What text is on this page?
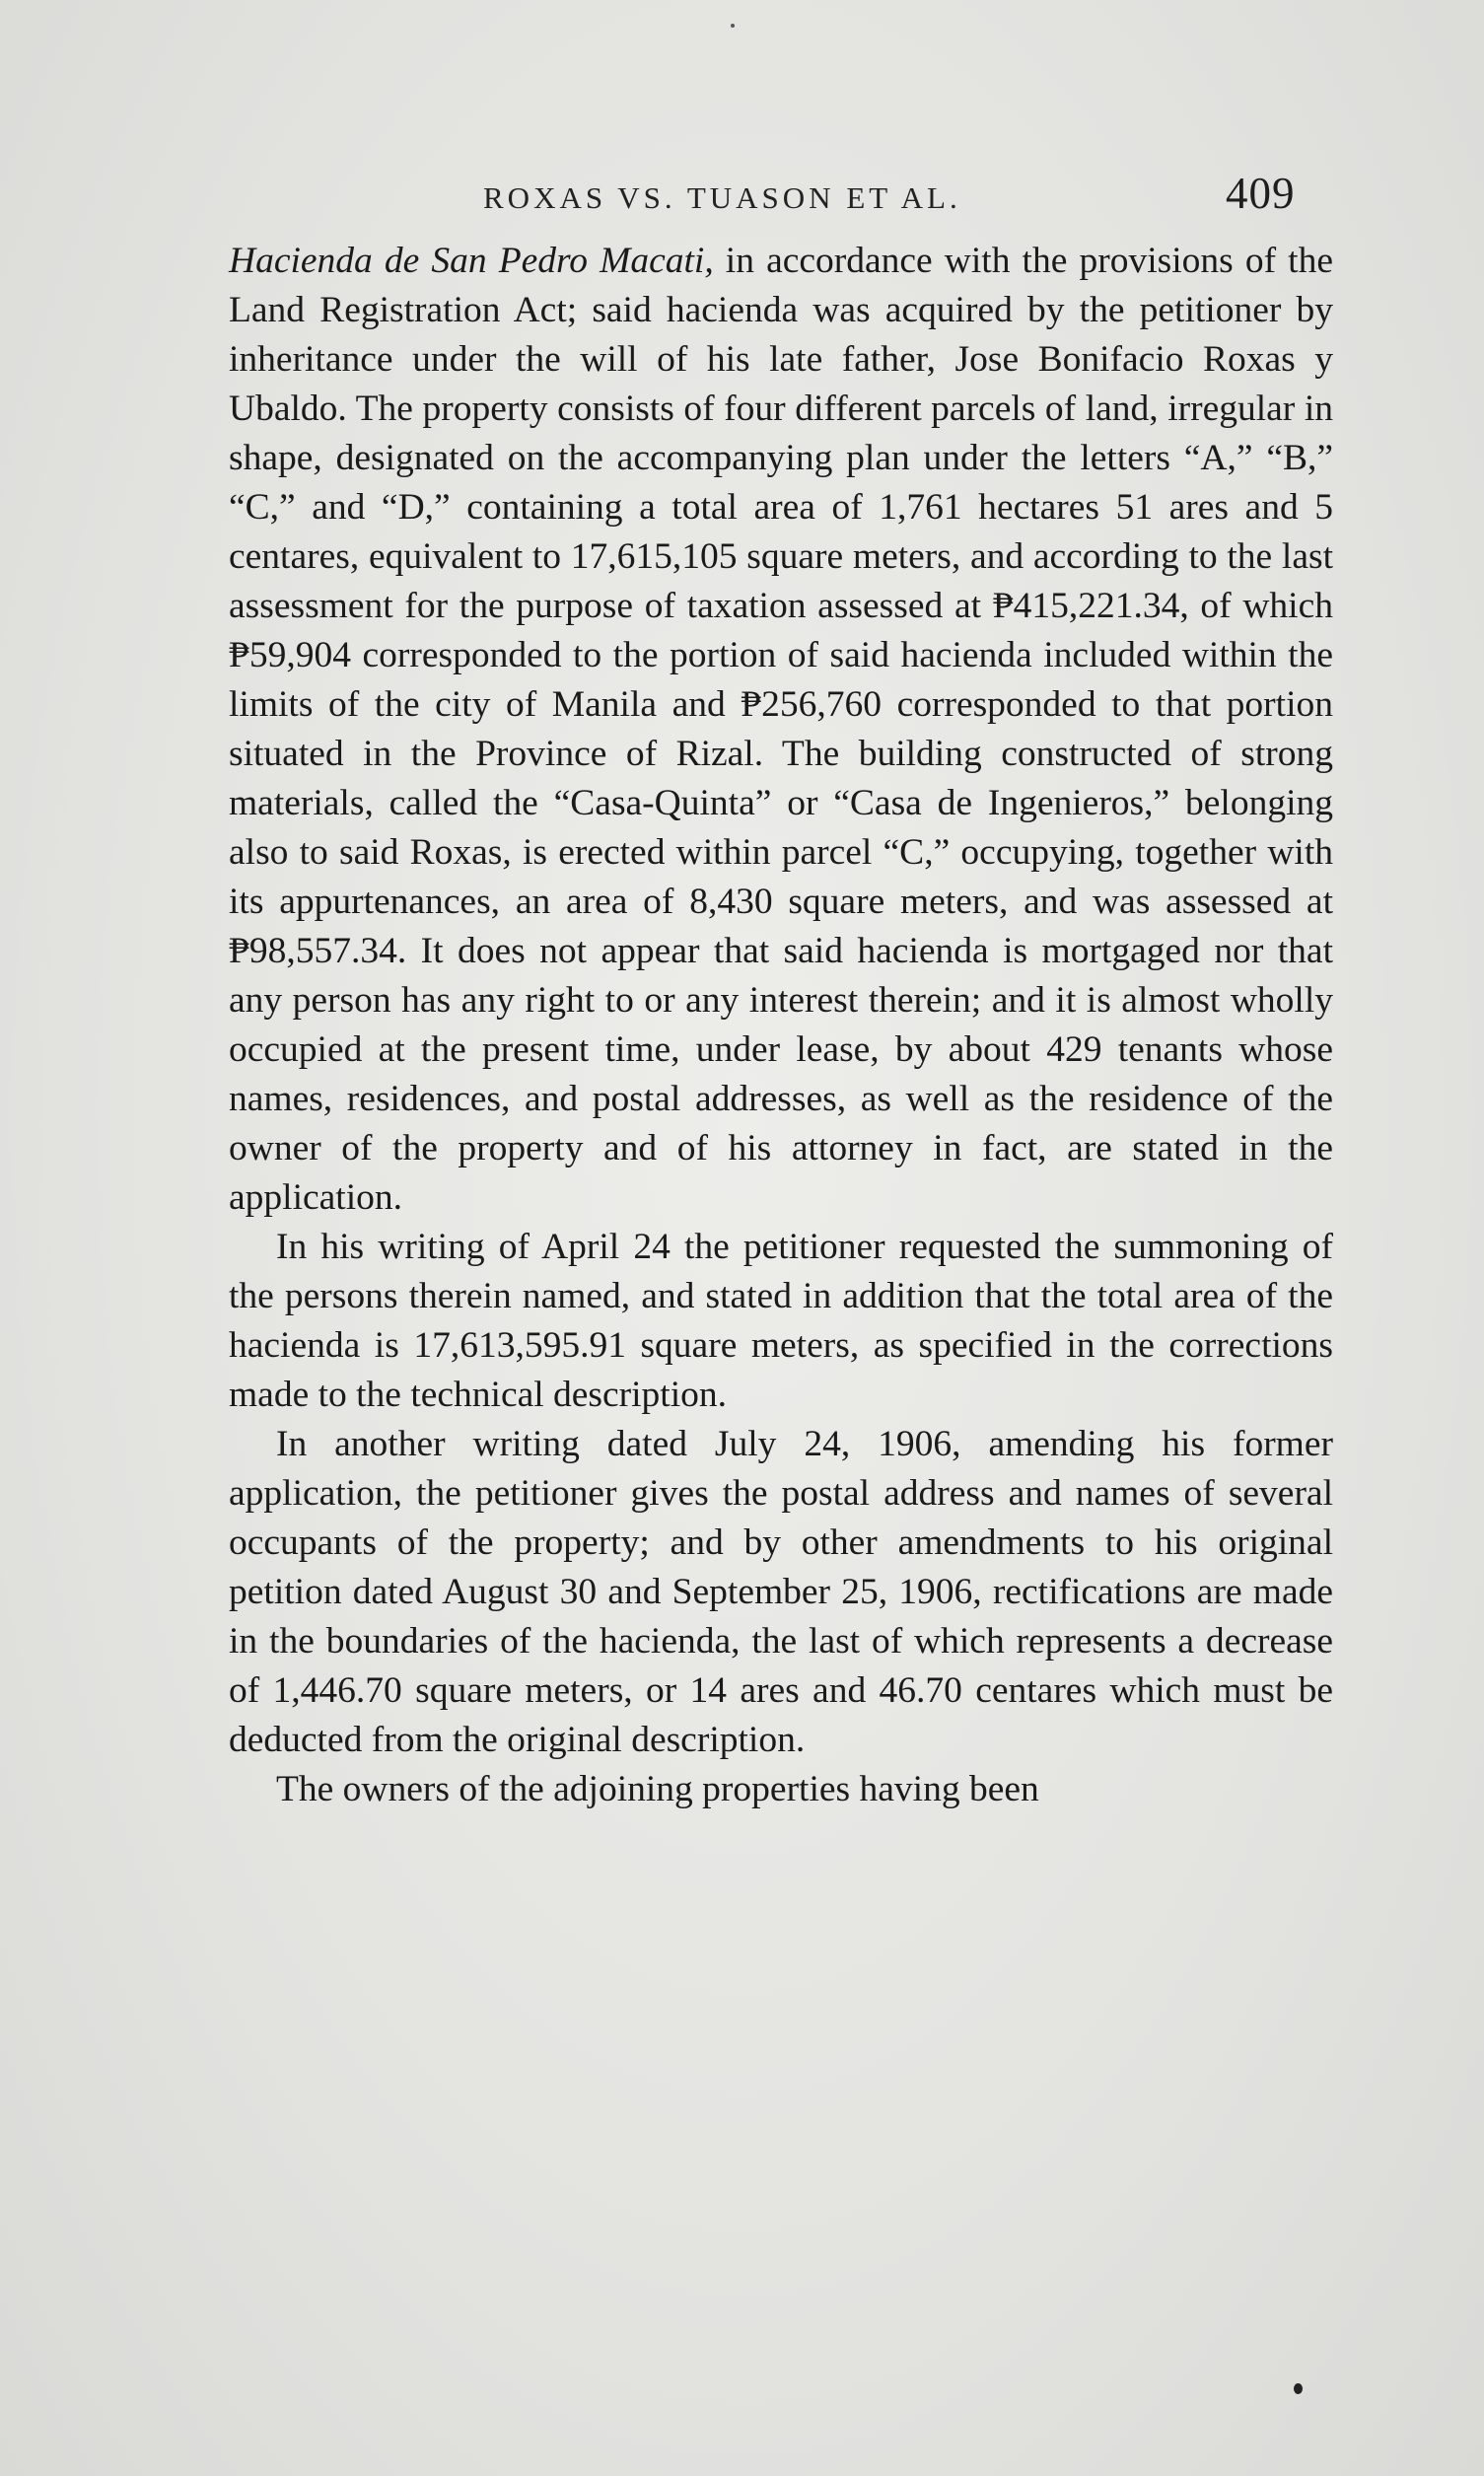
ROXAS VS. TUASON ET AL.	409

Hacienda de San Pedro Macati, in accordance with the provisions of the Land Registration Act; said hacienda was acquired by the petitioner by inheritance under the will of his late father, Jose Bonifacio Roxas y Ubaldo. The property consists of four different parcels of land, irregular in shape, designated on the accompanying plan under the letters “A,” “B,” “C,” and “D,” containing a total area of 1,761 hectares 51 ares and 5 centares, equivalent to 17,615,105 square meters, and according to the last assessment for the purpose of taxation assessed at ₱415,221.34, of which ₱59,904 corresponded to the portion of said hacienda included within the limits of the city of Manila and ₱256,760 corresponded to that portion situated in the Province of Rizal. The building constructed of strong materials, called the “Casa-Quinta” or “Casa de Ingenieros,” belonging also to said Roxas, is erected within parcel “C,” occupying, together with its appurtenances, an area of 8,430 square meters, and was assessed at ₱98,557.34. It does not appear that said hacienda is mortgaged nor that any person has any right to or any interest therein; and it is almost wholly occupied at the present time, under lease, by about 429 tenants whose names, residences, and postal addresses, as well as the residence of the owner of the property and of his attorney in fact, are stated in the application.

In his writing of April 24 the petitioner requested the summoning of the persons therein named, and stated in addition that the total area of the hacienda is 17,613,595.91 square meters, as specified in the corrections made to the technical description.

In another writing dated July 24, 1906, amending his former application, the petitioner gives the postal address and names of several occupants of the property; and by other amendments to his original petition dated August 30 and September 25, 1906, rectifications are made in the boundaries of the hacienda, the last of which represents a decrease of 1,446.70 square meters, or 14 ares and 46.70 centares which must be deducted from the original description.

The owners of the adjoining properties having been
